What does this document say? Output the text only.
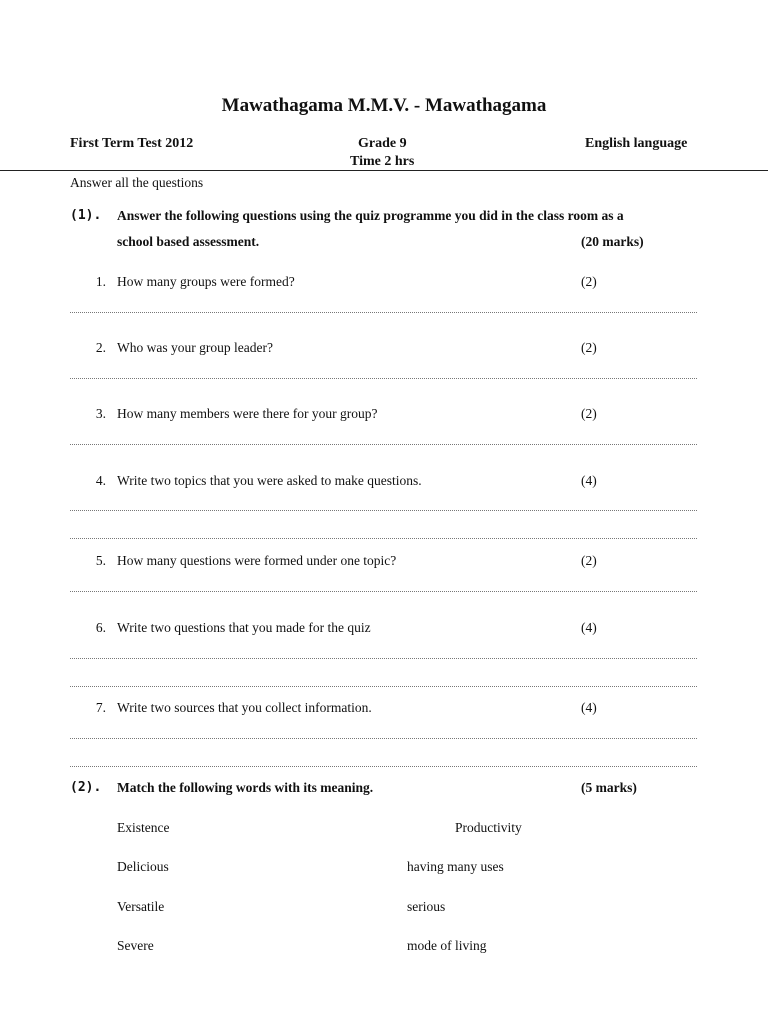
Mawathagama M.M.V. - Mawathagama
First Term Test 2012	Grade 9
Time 2 hrs
English language
Answer all the questions
(1). Answer the following questions using the quiz programme you did in the class room as a
school based assessment.	(20 marks)
1. How many groups were formed?	(2)
2. Who was your group leader?	(2)
3. How many members were there for your group?	(2)
4. Write two topics that you were asked to make questions.	(4)
5. How many questions were formed under one topic?	(2)
6. Write two questions that you made for the quiz	(4)
7. Write two sources that you collect information.	(4)
(2). Match the following words with its meaning.	(5 marks)
Existence	Productivity
Delicious	having many uses
Versatile	serious
Severe	mode of living
